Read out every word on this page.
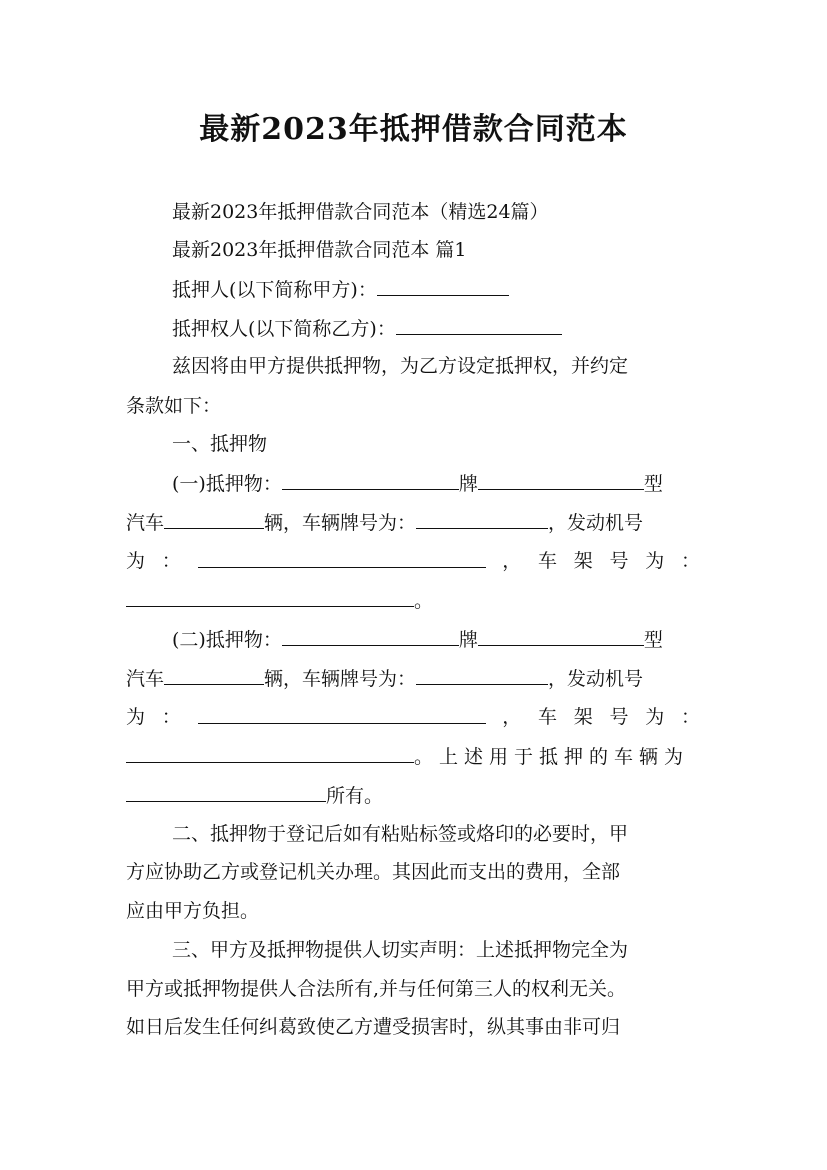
最新2023年抵押借款合同范本
最新2023年抵押借款合同范本（精选24篇）
最新2023年抵押借款合同范本 篇1
抵押人(以下简称甲方)：
抵押权人(以下简称乙方)：
兹因将由甲方提供抵押物，为乙方设定抵押权，并约定
条款如下：
一、抵押物
(一)抵押物：	牌	型
汽车	辆，车辆牌号为：	，发动机号
为 ：	， 车 架 号 为 ：
。
(二)抵押物：	牌	型
汽车	辆，车辆牌号为：	，发动机号
为 ：	， 车 架 号 为 ：
。上述用于抵押的车辆为
所有。
二、抵押物于登记后如有粘贴标签或烙印的必要时，甲
方应协助乙方或登记机关办理。其因此而支出的费用，全部
应由甲方负担。
三、甲方及抵押物提供人切实声明：上述抵押物完全为
甲方或抵押物提供人合法所有,并与任何第三人的权利无关。
如日后发生任何纠葛致使乙方遭受损害时，纵其事由非可归
